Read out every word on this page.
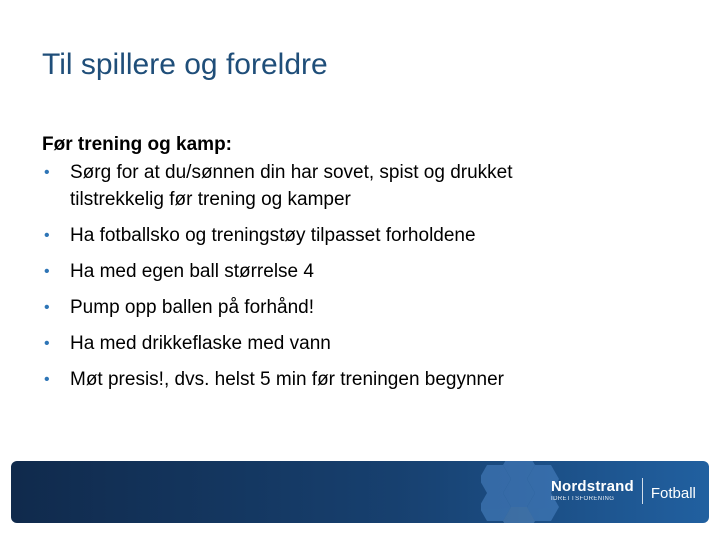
Til spillere og foreldre

Før trening og kamp:

• Sørg for at du/sønnen din har sovet, spist og drukket
tilstrekkelig før trening og kamper
• Ha fotballsko og treningstøy tilpasset forholdene
• Ha med egen ball størrelse 4
• Pump opp ballen på forhånd!
• Ha med drikkeflaske med vann
• Møt presis!, dvs. helst 5 min før treningen begynner
Nordstrand
IDRETTSFORENING	Fotball
